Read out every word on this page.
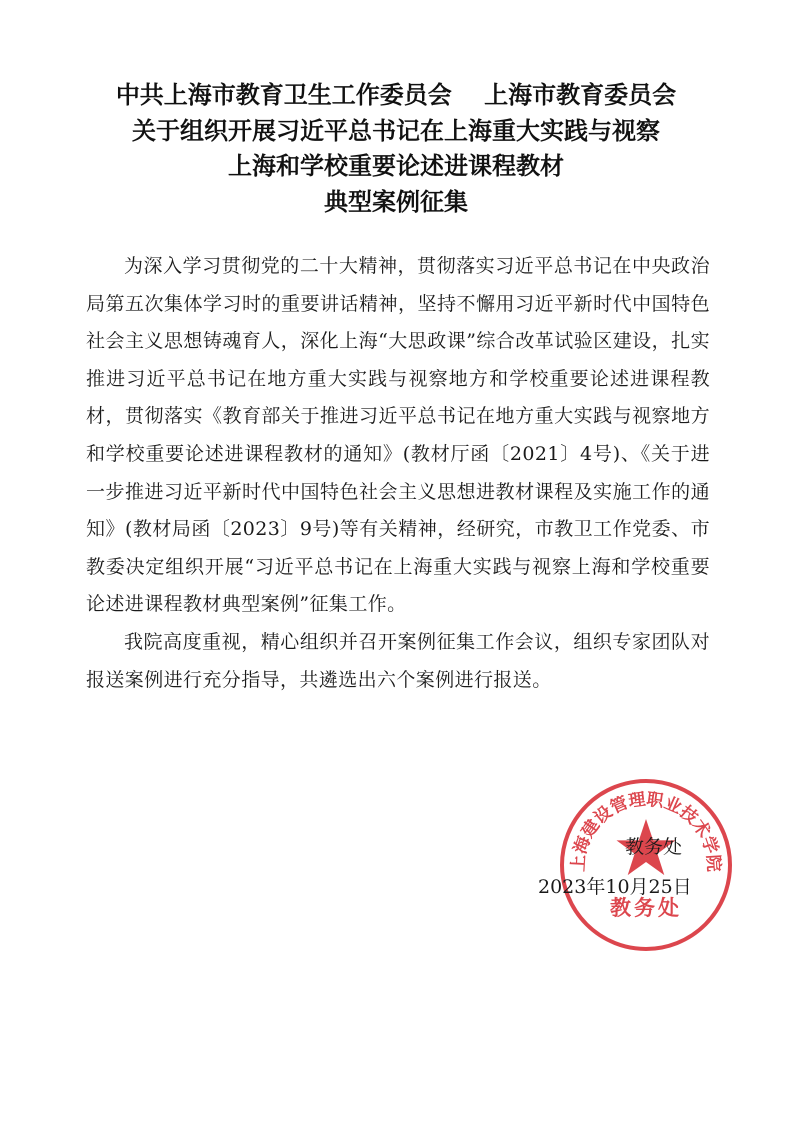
中共上海市教育卫生工作委员会　 上海市教育委员会
关于组织开展习近平总书记在上海重大实践与视察
上海和学校重要论述进课程教材
典型案例征集

为深入学习贯彻党的二十大精神，贯彻落实习近平总书记在中央政治局第五次集体学习时的重要讲话精神，坚持不懈用习近平新时代中国特色社会主义思想铸魂育人，深化上海“大思政课”综合改革试验区建设，扎实推进习近平总书记在地方重大实践与视察地方和学校重要论述进课程教材，贯彻落实《教育部关于推进习近平总书记在地方重大实践与视察地方和学校重要论述进课程教材的通知》(教材厅函〔2021〕4号)、《关于进一步推进习近平新时代中国特色社会主义思想进教材课程及实施工作的通知》(教材局函〔2023〕9号)等有关精神，经研究，市教卫工作党委、市教委决定组织开展“习近平总书记在上海重大实践与视察上海和学校重要论述进课程教材典型案例”征集工作。

我院高度重视，精心组织并召开案例征集工作会议，组织专家团队对报送案例进行充分指导，共遴选出六个案例进行报送。

上海建设管理职业技术学院
教务处
教务处
2023年10月25日
